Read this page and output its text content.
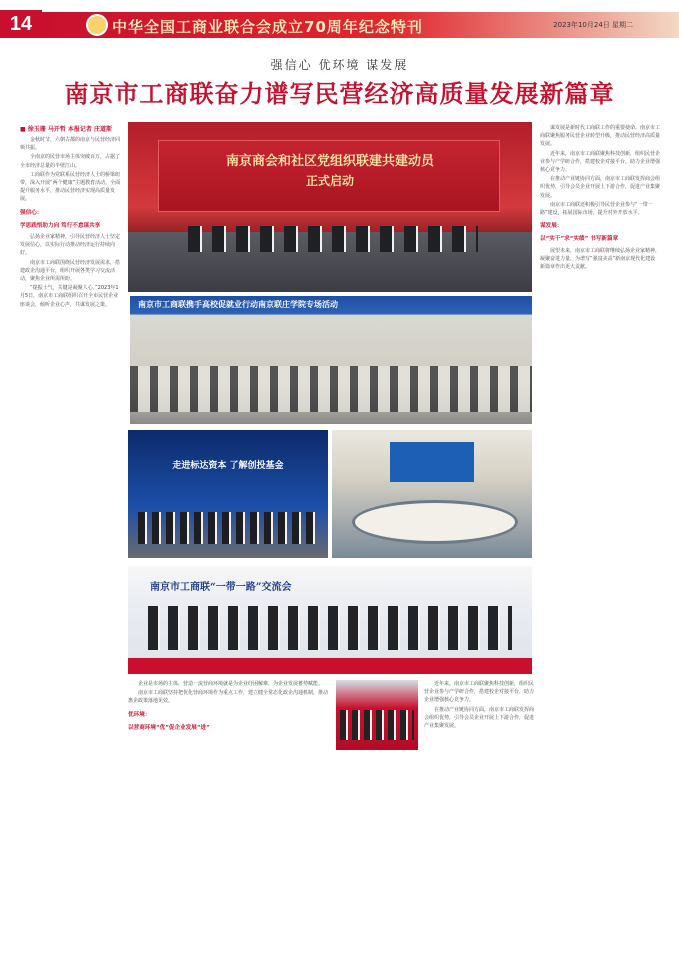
14	中华全国工商业联合会成立70周年纪念特刊	2023年10月24日 星期二
强信心 优环境 谋发展
南京市工商联奋力谱写民营经济高质量发展新篇章
■ 徐玉珊 马开哲 本报记者 庄道斯

金秋时节，六朝古都的南京与民营经济同频共振。

全南京的民营市场主体突破百万，占据了全市经济总量的半壁江山。

工商联作为党联系民营经济人士的桥梁纽带，深入开展“两个健康”主题教育活动，全面提升服务水平，推动民营经济实现高质量发展。

强信心：

学思践悟助力向 笃行不怠谋共享

弘扬企业家精神，引导民营经济人士坚定发展信心，以实际行动推动经济运行持续向好。

南京市工商联围绕民营经济发展需求，搭建政企沟通平台，组织开展各类学习交流活动，聚焦企业所需所盼。

“提振士气，关键是凝聚人心。”2023年1月5日，南京市工商联组织召开全市民营企业座谈会，倾听企业心声，共谋发展之策。

南京商会和社区党组织联建共建动员
正式启动
南京市工商联携手高校促就业行动南京联庄学院专场活动
走进标达资本 了解创投基金
南京市工商联“一带一路”交流会

企业是市场的主体，营造一流营商环境就是为企业纾困解难，为企业发展蓄势赋能。

南京市工商联坚持把优化营商环境作为重点工作，建立健全常态化政企沟通机制，推动惠企政策落地见效。

优环境：

以营商环境“优”促企业发展“进”

谋发展是新时代工商联工作的重要使命。南京市工商联聚焦服务民营企业转型升级，推动民营经济高质量发展。

近年来，南京市工商联聚焦科技创新，组织民营企业参与产学研合作，搭建校企对接平台，助力企业增强核心竞争力。

在推动产业链协同方面，南京市工商联发挥商会组织优势，引导会员企业开展上下游合作，促进产业集聚发展。

南京市工商联还积极引导民营企业参与“一带一路”建设，拓展国际市场，提升对外开放水平。

谋发展：

以“实干”求“实绩” 书写新篇章

展望未来，南京市工商联将继续弘扬企业家精神，凝聚奋进力量，为谱写“强富美高”新南京现代化建设新篇章作出更大贡献。

近年来，南京市工商联聚焦科技创新，组织民营企业参与产学研合作，搭建校企对接平台，助力企业增强核心竞争力。

在推动产业链协同方面，南京市工商联发挥商会组织优势，引导会员企业开展上下游合作，促进产业集聚发展。
